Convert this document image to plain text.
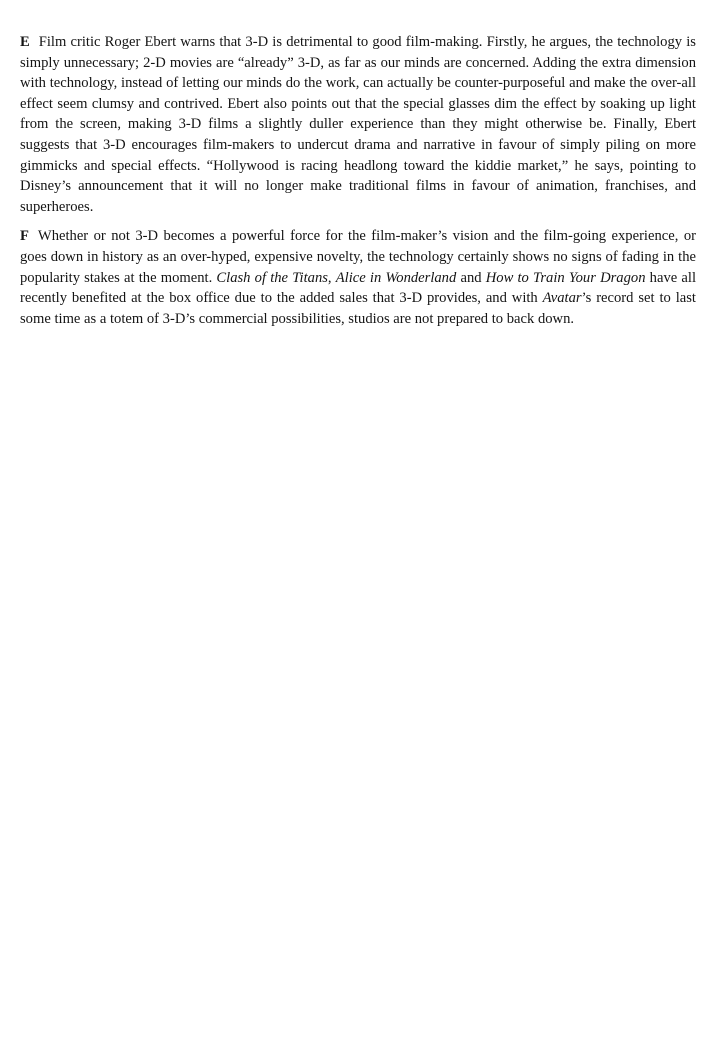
E Film critic Roger Ebert warns that 3-D is detrimental to good film-making. Firstly, he argues, the technology is simply unnecessary; 2-D movies are “already” 3-D, as far as our minds are concerned. Adding the extra dimension with technology, instead of letting our minds do the work, can actually be counter-purposeful and make the over-all effect seem clumsy and contrived. Ebert also points out that the special glasses dim the effect by soaking up light from the screen, making 3-D films a slightly duller experience than they might otherwise be. Finally, Ebert suggests that 3-D encourages film-makers to undercut drama and narrative in favour of simply piling on more gimmicks and special effects. “Hollywood is racing headlong toward the kiddie market,” he says, pointing to Disney’s announcement that it will no longer make traditional films in favour of animation, franchises, and superheroes.

F Whether or not 3-D becomes a powerful force for the film-maker’s vision and the film-going experience, or goes down in history as an over-hyped, expensive novelty, the technology certainly shows no signs of fading in the popularity stakes at the moment. Clash of the Titans, Alice in Wonderland and How to Train Your Dragon have all recently benefited at the box office due to the added sales that 3-D provides, and with Avatar’s record set to last some time as a totem of 3-D’s commercial possibilities, studios are not prepared to back down.
